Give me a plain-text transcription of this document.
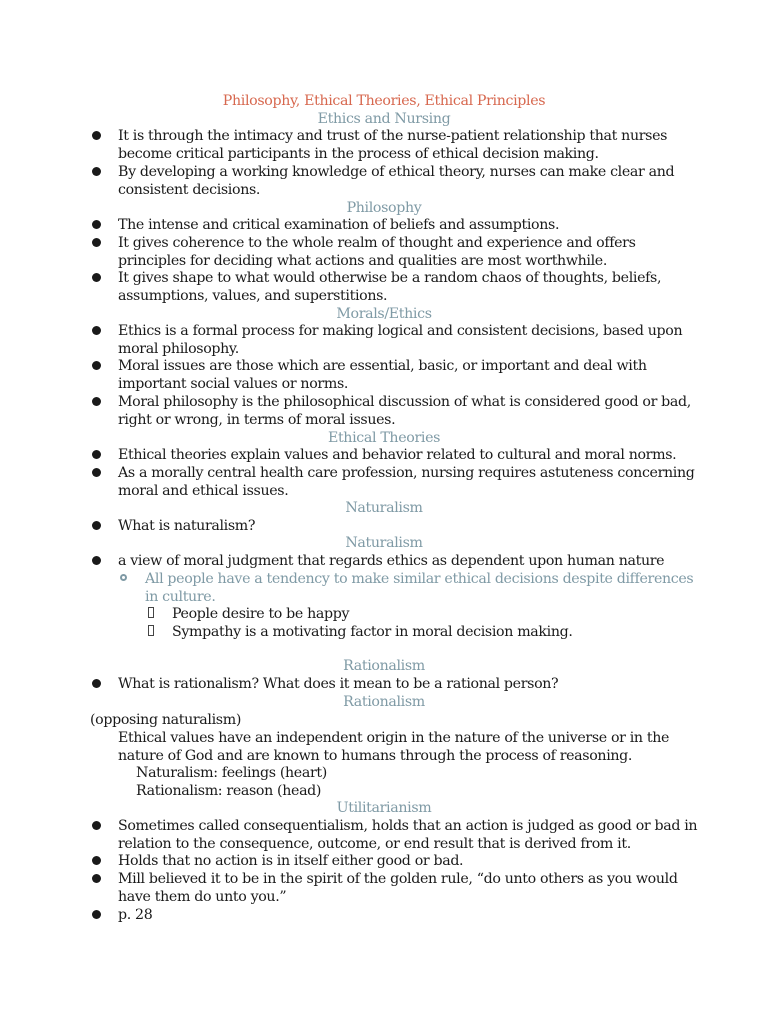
Philosophy, Ethical Theories, Ethical Principles
Ethics and Nursing
It is through the intimacy and trust of the nurse-patient relationship that nurses
become critical participants in the process of ethical decision making.
By developing a working knowledge of ethical theory, nurses can make clear and
consistent decisions.
Philosophy
The intense and critical examination of beliefs and assumptions.
It gives coherence to the whole realm of thought and experience and offers
principles for deciding what actions and qualities are most worthwhile.
It gives shape to what would otherwise be a random chaos of thoughts, beliefs,
assumptions, values, and superstitions.
Morals/Ethics
Ethics is a formal process for making logical and consistent decisions, based upon
moral philosophy.
Moral issues are those which are essential, basic, or important and deal with
important social values or norms.
Moral philosophy is the philosophical discussion of what is considered good or bad,
right or wrong, in terms of moral issues.
Ethical Theories
Ethical theories explain values and behavior related to cultural and moral norms.
As a morally central health care profession, nursing requires astuteness concerning
moral and ethical issues.
Naturalism
What is naturalism?
Naturalism
a view of moral judgment that regards ethics as dependent upon human nature
All people have a tendency to make similar ethical decisions despite differences
in culture.
People desire to be happy
Sympathy is a motivating factor in moral decision making.
Rationalism
What is rationalism? What does it mean to be a rational person?
Rationalism
(opposing naturalism)
Ethical values have an independent origin in the nature of the universe or in the
nature of God and are known to humans through the process of reasoning.
Naturalism: feelings (heart)
Rationalism: reason (head)
Utilitarianism
Sometimes called consequentialism, holds that an action is judged as good or bad in
relation to the consequence, outcome, or end result that is derived from it.
Holds that no action is in itself either good or bad.
Mill believed it to be in the spirit of the golden rule, “do unto others as you would
have them do unto you.”
p. 28
